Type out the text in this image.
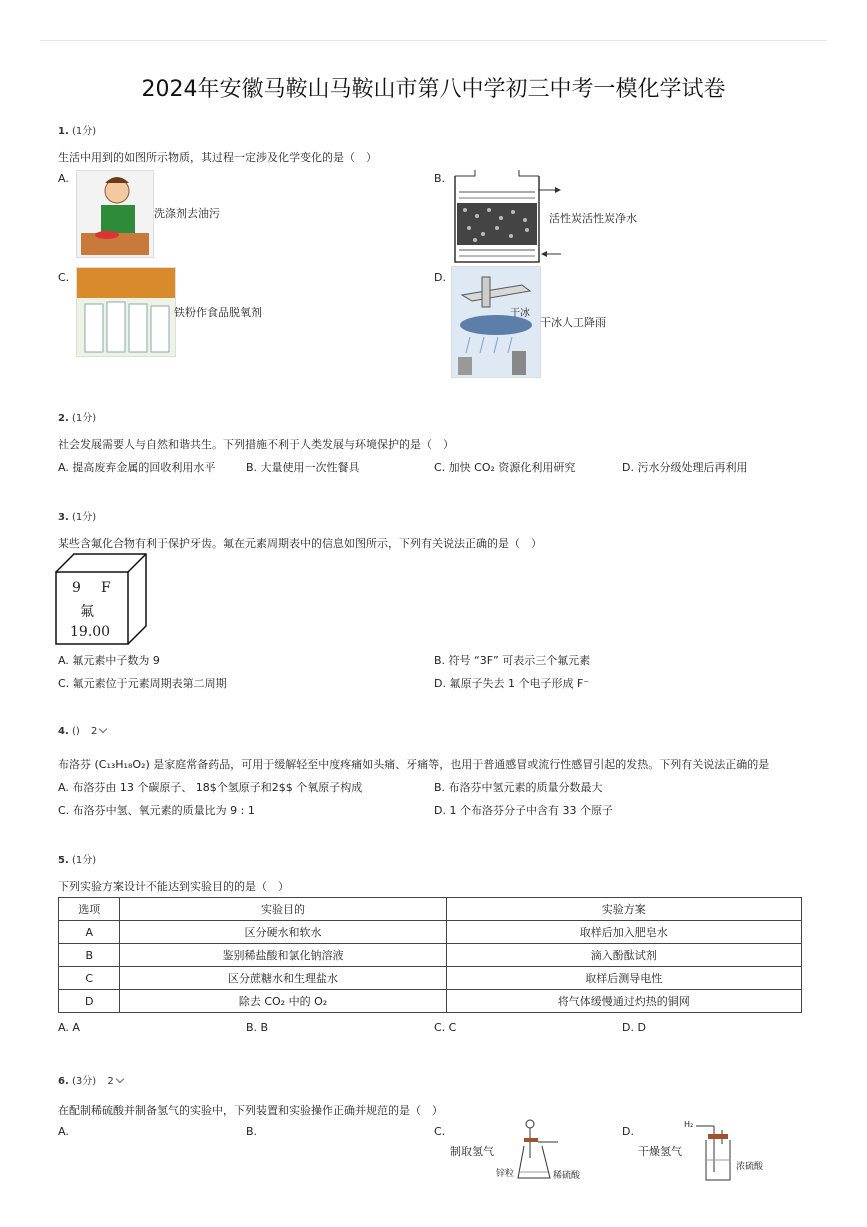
2024年安徽马鞍山马鞍山市第八中学初三中考一模化学试卷
1. (1分)
生活中用到的如图所示物质，其过程一定涉及化学变化的是（　）
A.
洗涤剂去油污
B.
活性炭活性炭净水
C.
铁粉作食品脱氧剂
D.
干冰
干冰人工降雨
2. (1分)
社会发展需要人与自然和谐共生。下列措施不利于人类发展与环境保护的是（　）
A. 提高废弃金属的回收利用水平	B. 大量使用一次性餐具	C. 加快 CO₂ 资源化利用研究	D. 污水分级处理后再利用
3. (1分)
某些含氟化合物有利于保护牙齿。氟在元素周期表中的信息如图所示，下列有关说法正确的是（　）
9 F
氟
19.00
A. 氟元素中子数为 9	B. 符号 “3F” 可表示三个氟元素
C. 氟元素位于元素周期表第二周期	D. 氟原子失去 1 个电子形成 F⁻
4. () 2
布洛芬 (C₁₃H₁₈O₂) 是家庭常备药品，可用于缓解轻至中度疼痛如头痛、牙痛等，也用于普通感冒或流行性感冒引起的发热。下列有关说法正确的是
A. 布洛芬由 13 个碳原子、 18$个氢原子和2$$ 个氧原子构成	B. 布洛芬中氢元素的质量分数最大
C. 布洛芬中氢、氧元素的质量比为 9 : 1	D. 1 个布洛芬分子中含有 33 个原子
5. (1分)
下列实验方案设计不能达到实验目的的是（　）
选项	实验目的	实验方案
A	区分硬水和软水	取样后加入肥皂水
B	鉴别稀盐酸和氯化钠溶液	滴入酚酞试剂
C	区分蔗糖水和生理盐水	取样后测导电性
D	除去 CO₂ 中的 O₂	将气体缓慢通过灼热的铜网
A. A	B. B	C. C	D. D
6. (3分) 2
在配制稀硫酸并制备氢气的实验中，下列装置和实验操作正确并规范的是（　）
A.	B.	C.	D.
制取氢气
锌粒	稀硫酸
干燥氢气
H₂
浓硫酸
